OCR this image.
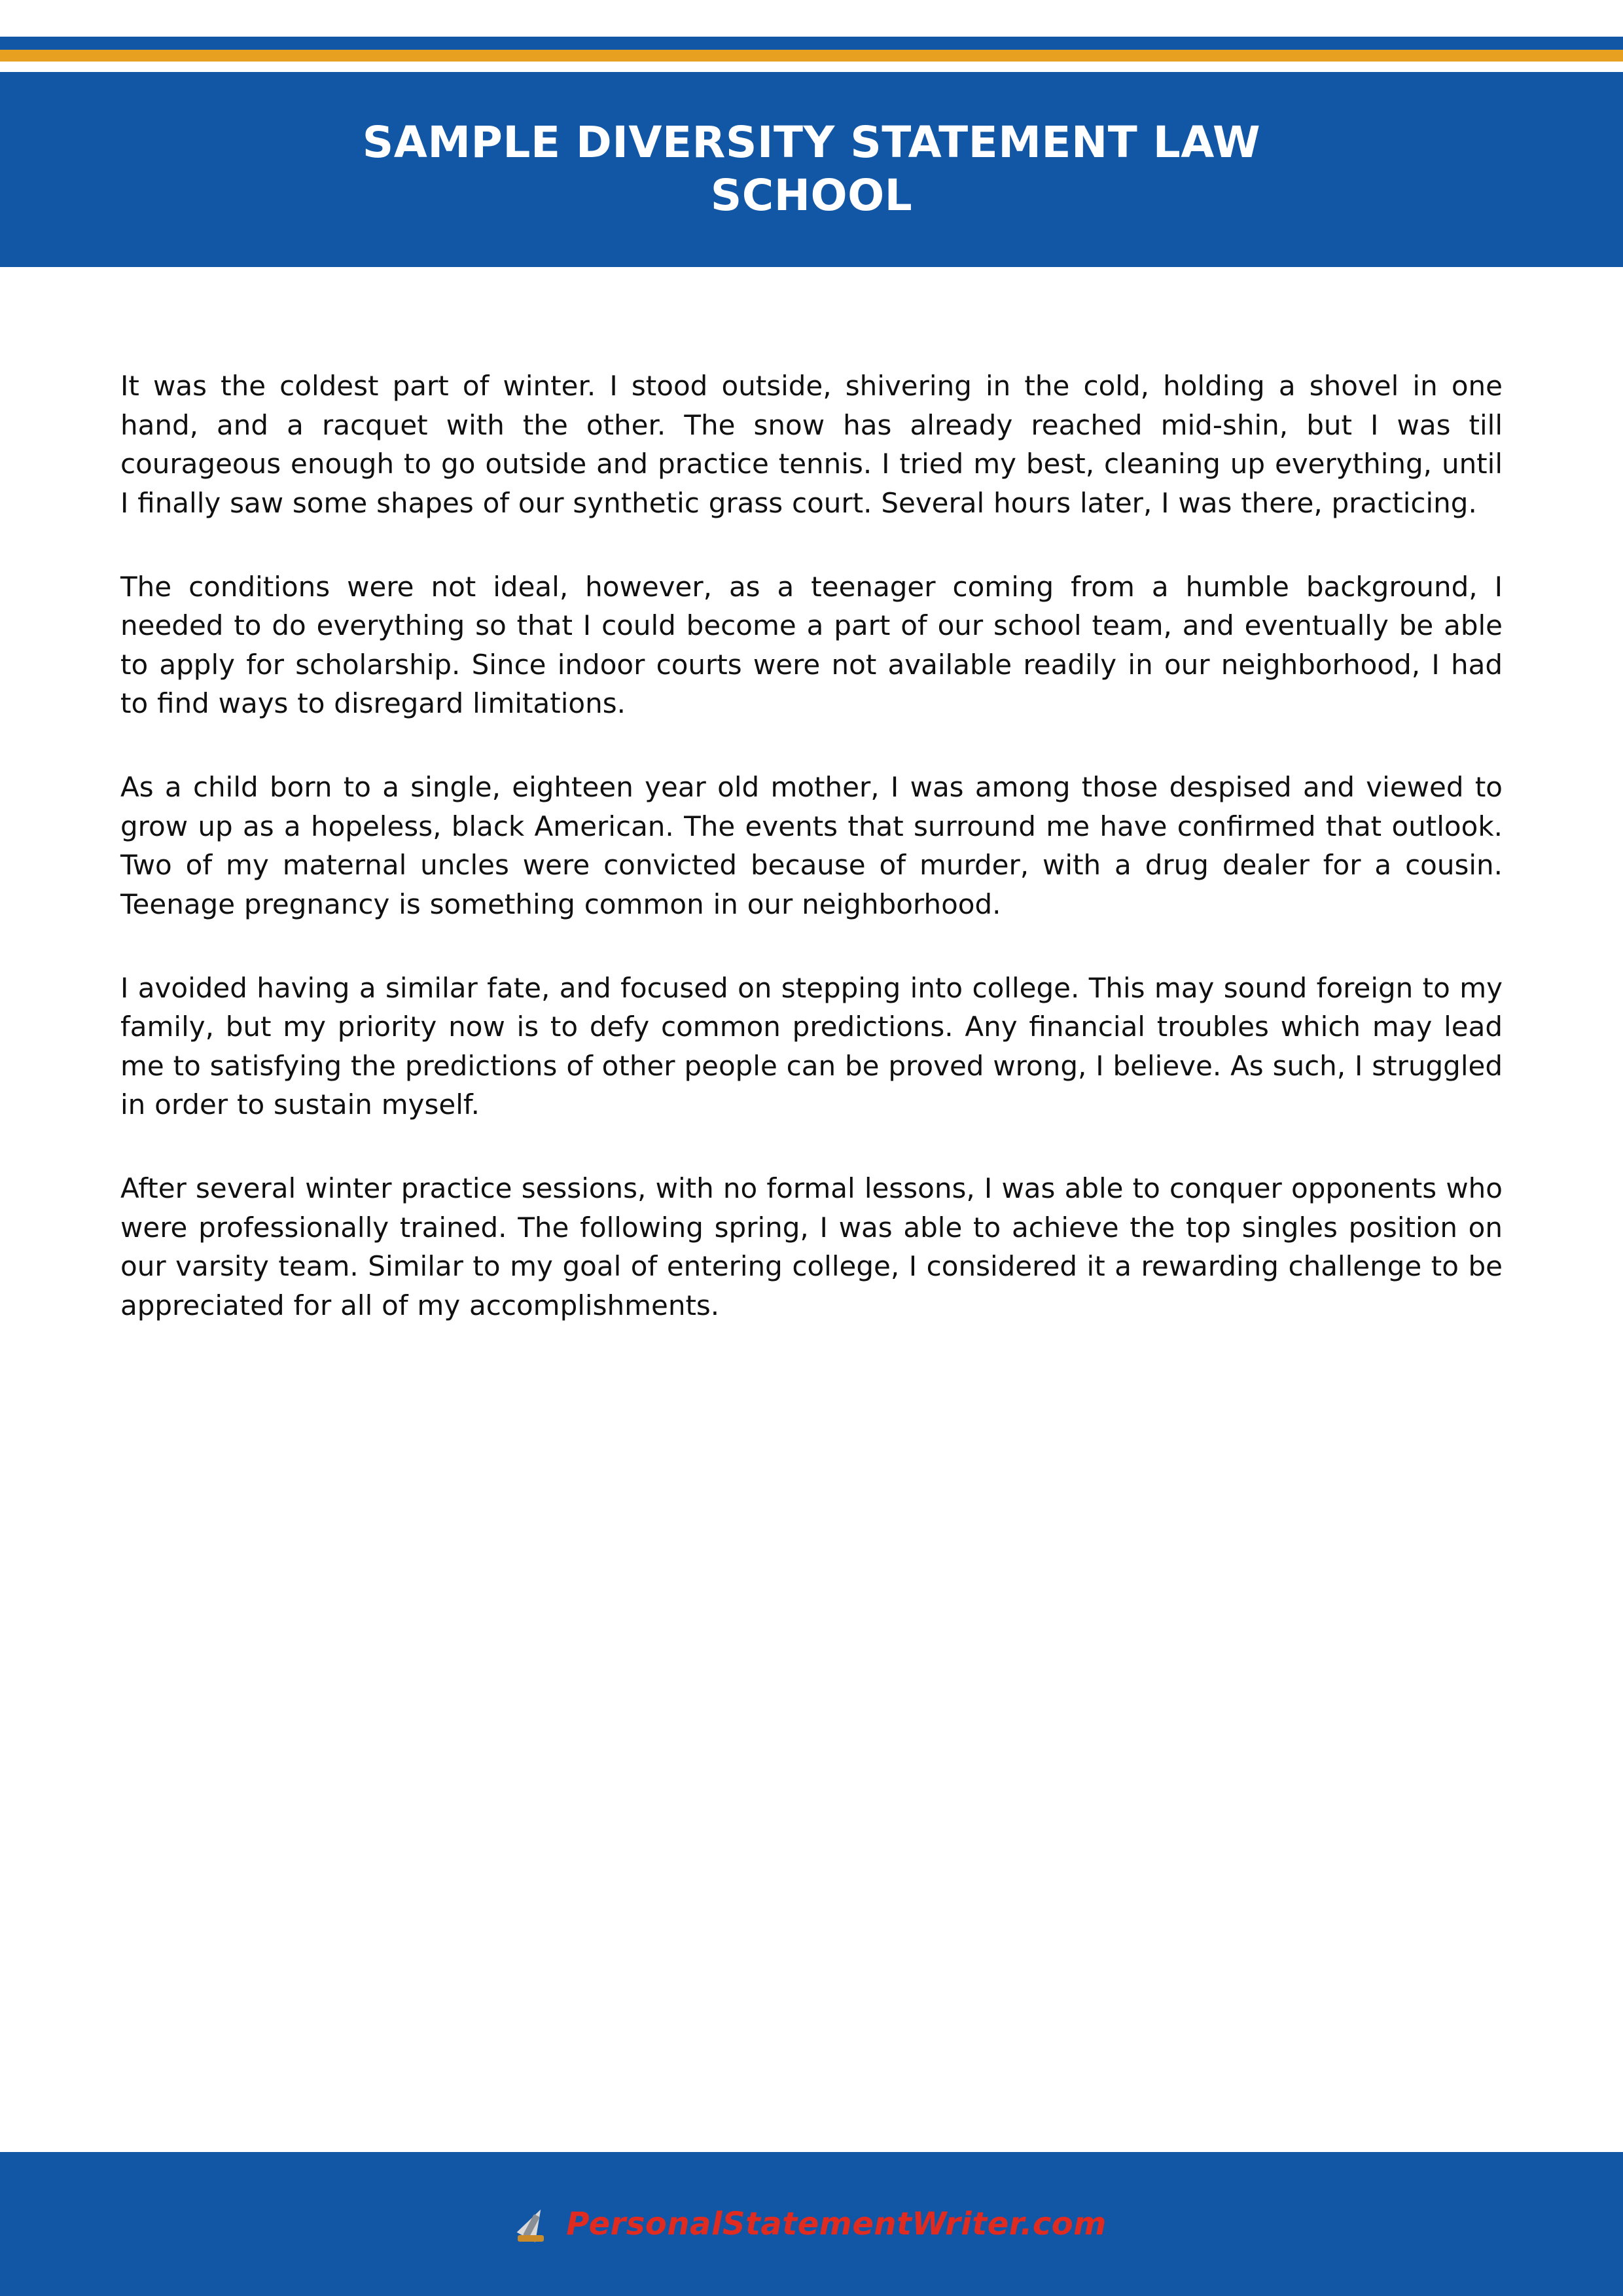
SAMPLE DIVERSITY STATEMENT LAW SCHOOL

It was the coldest part of winter. I stood outside, shivering in the cold, holding a shovel in one hand, and a racquet with the other. The snow has already reached mid-shin, but I was till courageous enough to go outside and practice tennis. I tried my best, cleaning up everything, until I finally saw some shapes of our synthetic grass court. Several hours later, I was there, practicing.

The conditions were not ideal, however, as a teenager coming from a humble background, I needed to do everything so that I could become a part of our school team, and eventually be able to apply for scholarship. Since indoor courts were not available readily in our neighborhood, I had to find ways to disregard limitations.

As a child born to a single, eighteen year old mother, I was among those despised and viewed to grow up as a hopeless, black American. The events that surround me have confirmed that outlook. Two of my maternal uncles were convicted because of murder, with a drug dealer for a cousin. Teenage pregnancy is something common in our neighborhood.

I avoided having a similar fate, and focused on stepping into college. This may sound foreign to my family, but my priority now is to defy common predictions. Any financial troubles which may lead me to satisfying the predictions of other people can be proved wrong, I believe. As such, I struggled in order to sustain myself.

After several winter practice sessions, with no formal lessons, I was able to conquer opponents who were professionally trained. The following spring, I was able to achieve the top singles position on our varsity team. Similar to my goal of entering college, I considered it a rewarding challenge to be appreciated for all of my accomplishments.

PersonalStatementWriter.com
